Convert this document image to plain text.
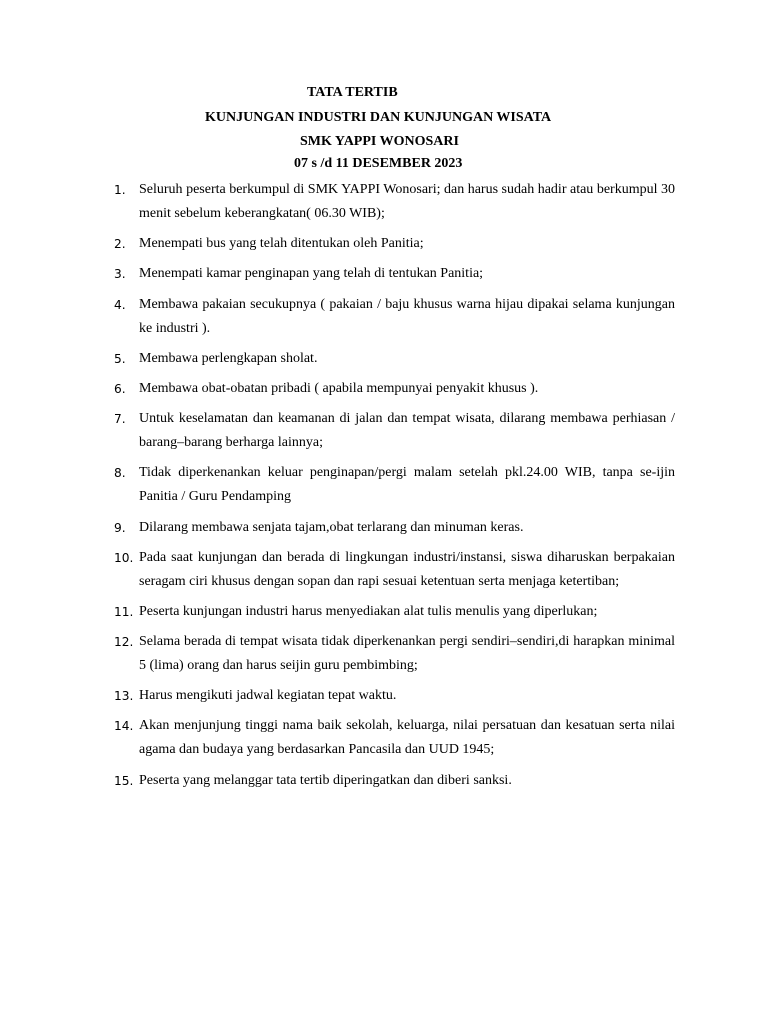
TATA TERTIB
KUNJUNGAN INDUSTRI DAN KUNJUNGAN WISATA
SMK YAPPI WONOSARI
07 s /d 11 DESEMBER 2023
1. Seluruh peserta berkumpul di SMK YAPPI Wonosari; dan harus sudah hadir atau berkumpul 30 menit sebelum keberangkatan( 06.30 WIB);
2. Menempati bus yang telah ditentukan oleh Panitia;
3. Menempati kamar penginapan yang telah di tentukan Panitia;
4. Membawa pakaian secukupnya ( pakaian / baju khusus warna hijau dipakai selama kunjungan ke industri ).
5. Membawa perlengkapan sholat.
6. Membawa obat-obatan pribadi ( apabila mempunyai penyakit khusus ).
7. Untuk keselamatan dan keamanan di jalan dan tempat wisata, dilarang membawa perhiasan / barang–barang berharga lainnya;
8. Tidak diperkenankan keluar penginapan/pergi malam setelah pkl.24.00 WIB, tanpa se-ijin Panitia / Guru Pendamping
9. Dilarang membawa senjata tajam,obat terlarang dan minuman keras.
10. Pada saat kunjungan dan berada di lingkungan industri/instansi, siswa diharuskan berpakaian seragam ciri khusus dengan sopan dan rapi sesuai ketentuan serta menjaga ketertiban;
11. Peserta kunjungan industri harus menyediakan alat tulis menulis yang diperlukan;
12. Selama berada di tempat wisata tidak diperkenankan pergi sendiri–sendiri,di harapkan minimal 5 (lima) orang dan harus seijin guru pembimbing;
13. Harus mengikuti jadwal kegiatan tepat waktu.
14. Akan menjunjung tinggi nama baik sekolah, keluarga, nilai persatuan dan kesatuan serta nilai agama dan budaya yang berdasarkan Pancasila dan UUD 1945;
15. Peserta yang melanggar tata tertib diperingatkan dan diberi sanksi.
